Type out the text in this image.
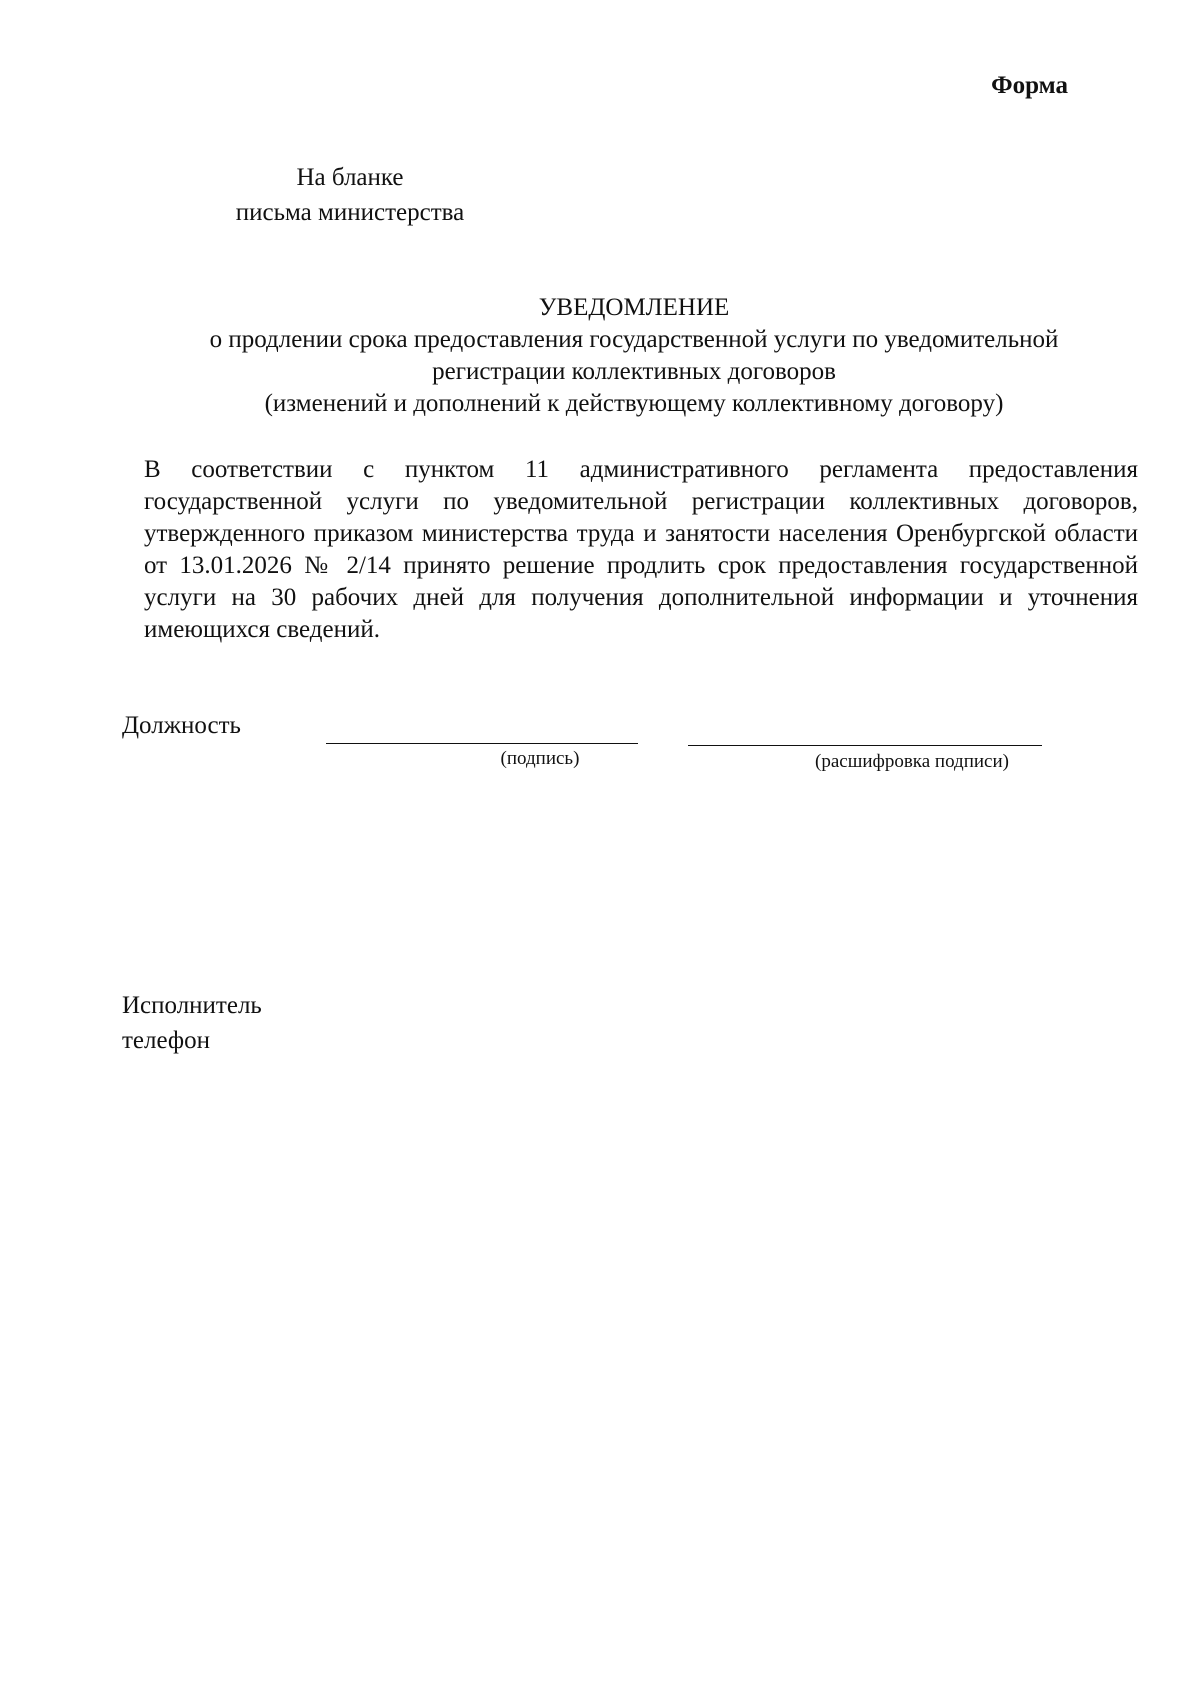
Форма
На бланке
письма министерства
УВЕДОМЛЕНИЕ
о продлении срока предоставления государственной услуги по уведомительной
регистрации коллективных договоров
(изменений и дополнений к действующему коллективному договору)

В соответствии с пунктом 11 административного регламента предоставления государственной услуги по уведомительной регистрации коллективных договоров, утвержденного приказом министерства труда и занятости населения Оренбургской области от 13.01.2026 № 2/14 принято решение продлить срок предоставления государственной услуги на 30 рабочих дней для получения дополнительной информации и уточнения имеющихся сведений.

Должность
(подпись)	(расшифровка подписи)
Исполнитель
телефон
